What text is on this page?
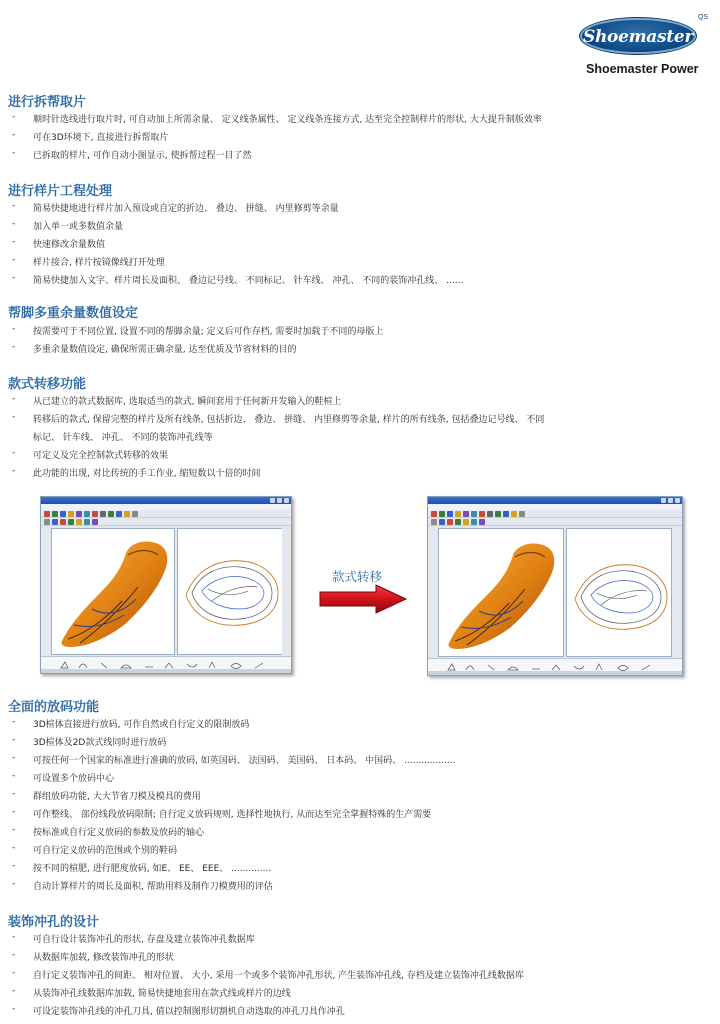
Shoemaster
QS
Shoemaster Power
进行拆帮取片
- 顺时针选线进行取片时, 可自动加上所需余量、 定义线条属性、 定义线条连接方式, 达至完全控制样片的形状, 大大提升制版效率
- 可在3D环境下, 直接进行拆帮取片
- 已拆取的样片, 可作自动小图显示, 使拆帮过程一目了然
进行样片工程处理
- 简易快捷地进行样片加入预设或自定的折边、 叠边、 拼缝、 内里修剪等余量
- 加入单一或多数值余量
- 快速修改余量数值
- 样片接合, 样片按镜像线打开处理
- 简易快捷加入文字、样片周长及面积、 叠边记号线、 不同标记、 针车线、 冲孔、 不同的装饰冲孔线、 ......
帮脚多重余量数值设定
- 按需要可于不同位置, 设置不同的帮脚余量; 定义后可作存档, 需要时加载于不同的母版上
- 多重余量数值设定, 确保所需正确余量, 达至优质及节省材料的目的
款式转移功能
- 从已建立的款式数据库, 选取适当的款式, 瞬间套用于任何新开发输入的鞋楦上
- 转移后的款式, 保留完整的样片及所有线条, 包括折边、 叠边、 拼缝、 内里修剪等余量, 样片的所有线条, 包括叠边记号线、 不同
标记、 针车线、 冲孔、 不同的装饰冲孔线等
- 可定义及完全控制款式转移的效果
- 此功能的出现, 对比传统的手工作业, 缩短数以十倍的时间
款式转移
全面的放码功能
- 3D楦体直接进行放码, 可作自然或自行定义的限制放码
- 3D楦体及2D款式线同时进行放码
- 可按任何一个国家的标准进行准确的放码, 如英国码、 法国码、 美国码、 日本码、 中国码、 ..................
- 可设置多个放码中心
- 群组放码功能, 大大节省刀模及模具的费用
- 可作整线、 部份线段放码限制; 自行定义放码规则, 选择性地执行, 从而达至完全掌握特殊的生产需要
- 按标准或自行定义放码的参数及放码的轴心
- 可自行定义放码的范围或个别的鞋码
- 按不同的楦肥, 进行肥度放码, 如E、 EE、 EEE、 ..............
- 自动计算样片的周长及面积, 帮助用料及制作刀模费用的评估
装饰冲孔的设计
- 可自行设计装饰冲孔的形状, 存盘及建立装饰冲孔数据库
- 从数据库加载, 修改装饰冲孔的形状
- 自行定义装饰冲孔的间距、 相对位置、 大小, 采用一个或多个装饰冲孔形状, 产生装饰冲孔线, 存档及建立装饰冲孔线数据库
- 从装饰冲孔线数据库加载, 简易快捷地套用在款式线或样片的边线
- 可设定装饰冲孔线的冲孔刀具, 值以控制图形切割机自动选取的冲孔刀具作冲孔
